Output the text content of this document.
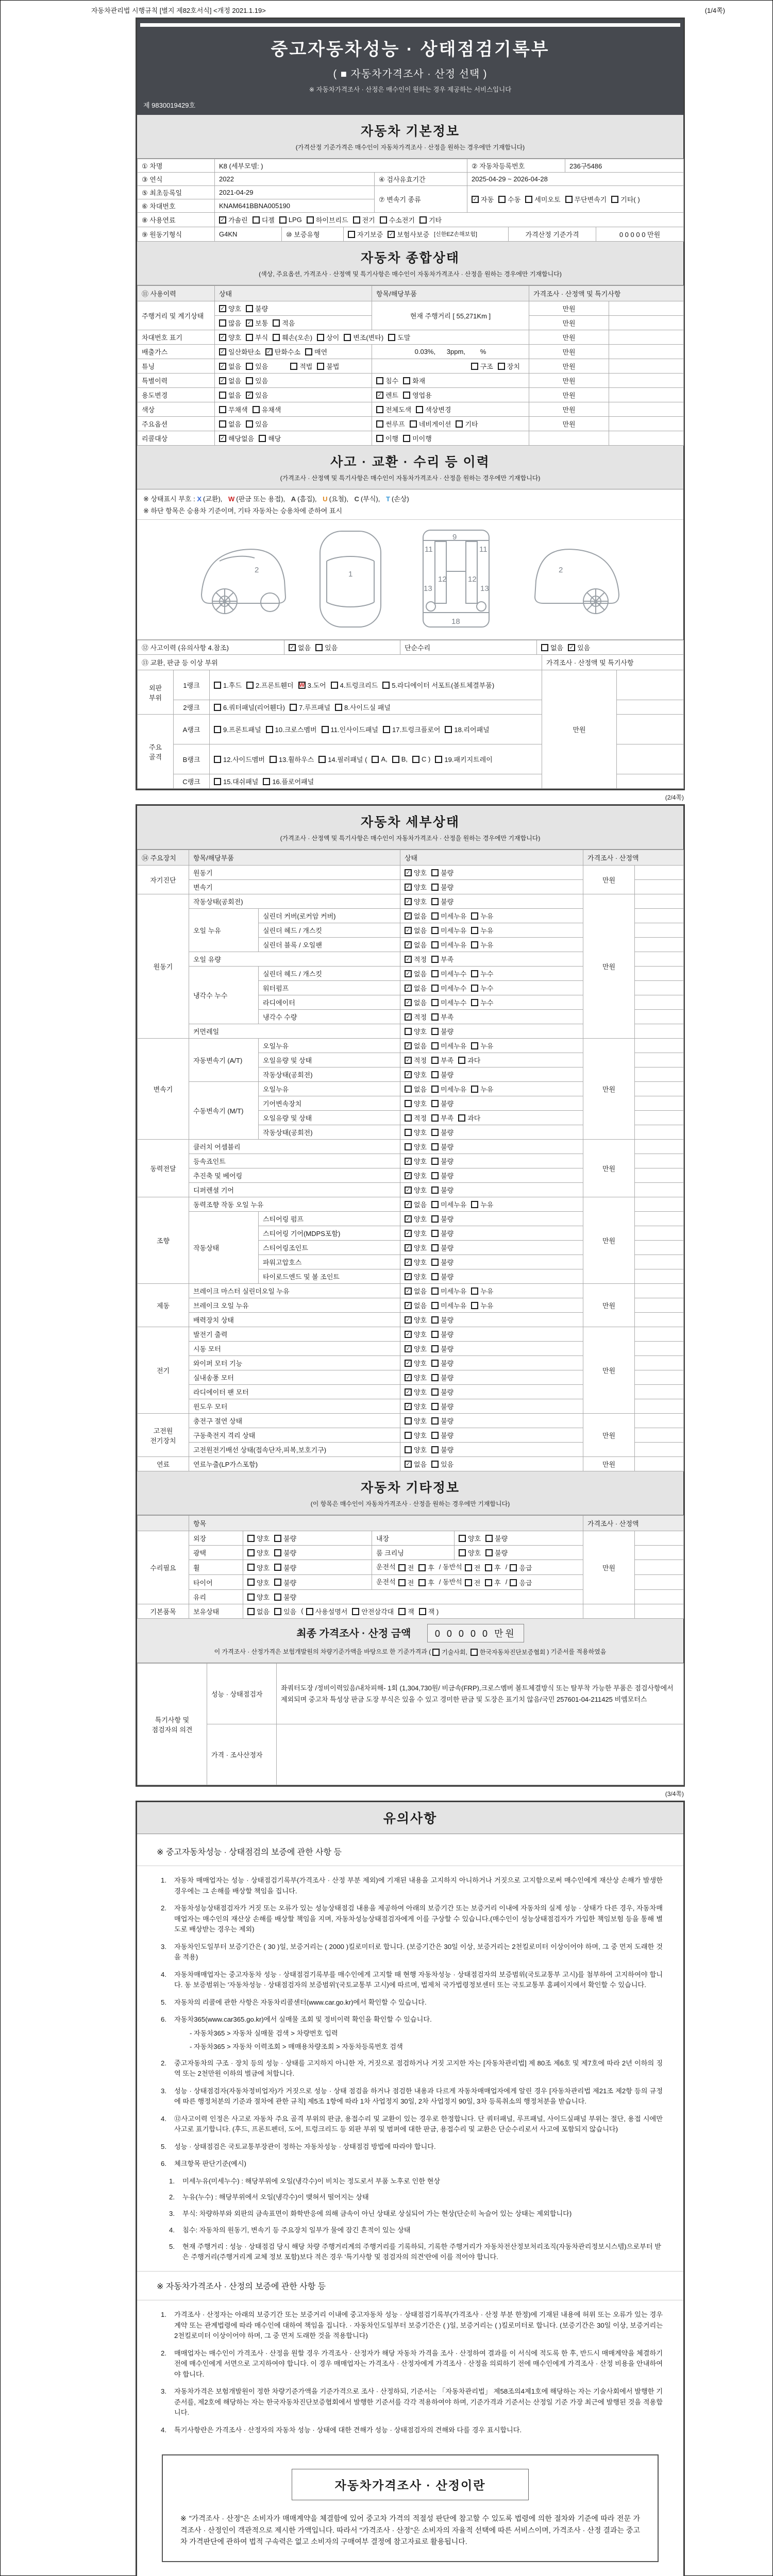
자동차관리법 시행규칙 [별지 제82호서식] <개정 2021.1.19>	(1/4쪽)
중고자동차성능 · 상태점검기록부
( ■ 자동차가격조사 · 산정 선택 )
※ 자동차가격조사 · 산정은 매수인이 원하는 경우 제공하는 서비스입니다
제 9830019429호
자동차 기본정보
(가격산정 기준가격은 매수인이 자동차가격조사 · 산정을 원하는 경우에만 기재합니다)
① 차명	K8 (세부모델: )		② 자동차등록번호	236구5486
③ 연식	2022	④ 검사유효기간	2025-04-29 ~ 2026-04-28	
⑤ 최초등록일	2021-04-29	⑦ 변속기 종류	✓ 자동 수동 세미오토 무단변속기 기타( )

⑥ 차대번호	KNAM641BBNA005190			
⑧ 사용연료	✓ 가솔린 디젤 LPG 하이브리드 전기 수소전기 기타
⑨ 원동기형식	G4KN	⑩ 보증유형	자기보증 ✓ 보험사보증 [신한EZ손해보험]	가격산정 기준가격	0 0 0 0 0 만원
자동차 종합상태
(색상, 주요옵션, 가격조사 · 산정액 및 특기사항은 매수인이 자동차가격조사 · 산정을 원하는 경우에만 기재합니다)
⑪ 사용이력	상태	항목/해당부품	가격조사 · 산정액 및 특기사항	
주행거리 및 계기상태	✓ 양호 불량	현재 주행거리 [ 55,271Km ]	만원	

	많음 ✓ 보통 적음		만원	
차대번호 표기	✓ 양호 부식 훼손(오손) 상이 변조(변타) 도말	만원	
배출가스	✓ 일산화탄소 ✓ 탄화수소 매연	0.03%,      3ppm,        %	만원	
튜닝	✓ 없음 있음 적법 불법	구조 장치	만원	
특별이력	✓ 없음 있음	침수 화재	만원	
용도변경	없음 ✓ 있음	✓ 렌트 영업용	만원	
색상	무채색 유채색	전체도색 색상변경	만원	
주요옵션	없음 있음	썬루프 네비게이션 기타	만원	
리콜대상	✓ 해당없음 해당	이행 미이행		

사고 · 교환 · 수리 등 이력
(가격조사 · 산정액 및 특기사항은 매수인이 자동차가격조사 · 산정을 원하는 경우에만 기재합니다)
※ 상태표시 부호 : X (교환), W (판금 또는 용접), A (흠집), U (요철), C (부식), T (손상)
※ 하단 항목은 승용차 기준이며, 기타 자동차는 승용차에 준하여 표시
2	1
11	11
13	13
12	12
9
18
2
⑫ 사고이력 (유의사항 4.참조)	✓ 없음 있음	단순수리	없음 ✓ 있음
⑬ 교환, 판금 등 이상 부위			가격조사 · 산정액 및 특기사항	
외판 부위	1랭크	1.후드 2.프론트휀더 W 3.도어 4.트렁크리드 5.라디에이터 서포트(볼트체결부품)
	만원	
	2랭크	6.쿼터패널(리어휀다) 7.루프패널 8.사이드실 패널		

주요 골격	A랭크	9.프론트패널 10.크로스멤버 11.인사이드패널 17.트렁크플로어 18.리어패널		

B랭크	12.사이드멤버 13.휠하우스 14.필러패널 ( A, B, C ) 19.패키지트레이

	C랭크	15.대쉬패널 16.플로어패널		

(2/4쪽)
자동차 세부상태
(가격조사 · 산정액 및 특기사항은 매수인이 자동차가격조사 · 산정을 원하는 경우에만 기재합니다)
⑭ 주요장치	항목/해당부품		상태	가격조사 · 산정액	
자기진단	원동기		✓ 양호 불량	만원	
	변속기		✓ 양호 불량		

원동기	작동상태(공회전)		✓ 양호 불량	만원	
	오일 누유	실린더 커버(로커암 커버)	✓ 없음 미세누유 누유		

		실린더 헤드 / 개스킷	✓ 없음 미세누유 누유		

		실린더 블록 / 오일팬	✓ 없음 미세누유 누유		

	오일 유량		✓ 적정 부족		

	냉각수 누수	실린더 헤드 / 개스킷	✓ 없음 미세누수 누수		

		워터펌프	✓ 없음 미세누수 누수		

		라디에이터	✓ 없음 미세누수 누수		

		냉각수 수량	✓ 적정 부족		

	커먼레일		양호 불량		

변속기	자동변속기 (A/T)	오일누유	✓ 없음 미세누유 누유	만원	
		오일유량 및 상태	✓ 적정 부족 과다		

		작동상태(공회전)	✓ 양호 불량		

	수동변속기 (M/T)	오일누유	없음 미세누유 누유		

		기어변속장치	양호 불량		

		오일유량 및 상태	적정 부족 과다		

		작동상태(공회전)	양호 불량		

동력전달	클러치 어셈블리		양호 불량	만원	
	등속죠인트		✓ 양호 불량		

	추진축 및 베어링		✓ 양호 불량		

	디퍼렌셜 기어		✓ 양호 불량		

조향	동력조향 작동 오일 누유		✓ 없음 미세누유 누유	만원	
	작동상태	스티어링 펌프	✓ 양호 불량		

		스티어링 기어(MDPS포함)	✓ 양호 불량		

		스티어링조인트	✓ 양호 불량		

		파워고압호스	✓ 양호 불량		

		타이로드엔드 및 볼 조인트	✓ 양호 불량		

제동	브레이크 마스터 실린더오일 누유		✓ 없음 미세누유 누유	만원	
	브레이크 오일 누유		✓ 없음 미세누유 누유		

	배력장치 상태		✓ 양호 불량		

전기	발전기 출력		✓ 양호 불량	만원	
	시동 모터		✓ 양호 불량		

	와이퍼 모터 기능		✓ 양호 불량		

	실내송풍 모터		✓ 양호 불량		

	라디에이터 팬 모터		✓ 양호 불량		

	윈도우 모터		✓ 양호 불량		

고전원 전기장치	충전구 절연 상태		양호 불량	만원	
	구동축전지 격리 상태		양호 불량		

	고전원전기배선 상태(접속단자,피복,보호기구)		양호 불량		

연료	연료누출(LP가스포함)		✓ 없음 있음	만원	
자동차 기타정보
(이 항목은 매수인이 자동차가격조사 · 산정을 원하는 경우에만 기재합니다)
	항목				가격조사 · 산정액	
수리필요	외장	양호 불량	내장	양호 불량	만원	
	광택	양호 불량	룸 크리닝	양호 불량		

휠	양호 불량	운전석 전 후 / 동반석 전 후 / 응급

타이어	양호 불량	운전석 전 후 / 동반석 전 후 / 응급

	유리	양호 불량				

기본품목	보유상태	없음 있음 ( 사용설명서 안전삼각대 잭 잭 )

최종 가격조사 · 산정 금액	0 0 0 0 0 만원
이 가격조사 · 산정가격은 보험개발원의 차량기준가액을 바탕으로 한 기준가격과 ( 기술사회, 한국자동차진단보증협회 ) 기준서를 적용하였음
특기사항 및 점검자의 의견	성능 · 상태점검자	좌쿼터도장 /정비이력있음/내차피해- 1회 (1,304,730원/ 비금속(FRP),크로스멤버 볼트체결방식 또는 탈부착 가능한 부품은 점검사항에서 제외되며 중고차 특성상 판금 도장 부식은 있을 수 있고 경미한 판금 및 도장은 표기치 않음/국민 257601-04-211425 비엠모터스
	가격 · 조사산정자	
(3/4쪽)
유의사항
※ 중고자동차성능 · 상태점검의 보증에 관한 사항 등
1.	자동차 매매업자는 성능 · 상태점검기록부(가격조사 · 산정 부분 제외)에 기재된 내용을 고지하지 아니하거나 거짓으로 고지함으로써 매수인에게 재산상 손해가 발생한 경우에는 그 손해를 배상할 책임을 집니다.
2.	자동차성능상태점검자가 거짓 또는 오류가 있는 성능상태점검 내용을 제공하여 아래의 보증기간 또는 보증거리 이내에 자동차의 실제 성능 · 상태가 다른 경우, 자동차매매업자는 매수인의 재산상 손해를 배상할 책임을 지며, 자동차성능상태점검자에게 이를 구상할 수 있습니다.(매수인이 성능상태점검자가 가입한 책임보험 등을 통해 별도로 배상받는 경우는 제외)
3.	자동차인도일부터 보증기간은 ( 30 )일, 보증거리는 ( 2000 )킬로미터로 합니다. (보증기간은 30일 이상, 보증거리는 2천킬로미터 이상이어야 하며, 그 중 먼저 도래한 것을 적용)
4.	자동차매매업자는 중고자동차 성능 · 상태점검기록부를 매수인에게 고지할 때 현행 자동차성능 · 상태점검자의 보증범위(국토교통부 고시)를 첨부하여 고지하여야 합니다. 동 보증범위는 '자동차성능 · 상태점검자의 보증범위'(국토교통부 고시)에 따르며, 법제처 국가법령정보센터 또는 국토교통부 홈페이지에서 확인할 수 있습니다.
5.	자동차의 리콜에 관한 사항은 자동차리콜센터(www.car.go.kr)에서 확인할 수 있습니다.
6.	자동차365(www.car365.go.kr)에서 실매물 조회 및 정비이력 확인을 확인할 수 있습니다.
- 자동차365 > 자동차 실매물 검색 > 차량번호 입력
- 자동차365 > 자동차 이력조회 > 매매용차량조회 > 자동차등록번호 검색
2.	중고자동차의 구조 · 장치 등의 성능 · 상태를 고지하지 아니한 자, 거짓으로 점검하거나 거짓 고지한 자는 [자동차관리법] 제 80조 제6호 및 제7호에 따라 2년 이하의 징역 또는 2천만원 이하의 벌금에 처합니다.
3.	성능 · 상태점검자(자동차정비업자)가 거짓으로 성능 · 상태 점검을 하거나 점검한 내용과 다르게 자동차매매업자에게 알린 경우 [자동차관리법 제21조 제2항 등의 규정에 따른 행정처분의 기준과 절차에 관한 규칙] 제5조 1항에 따라 1차 사업정지 30일, 2차 사업정지 90일, 3차 등록취소의 행정처분을 받습니다.
4.	⑫사고이력 인정은 사고로 자동차 주요 골격 부위의 판금, 용접수리 및 교환이 있는 경우로 한정합니다. 단 쿼터패널, 루프패널, 사이드실패널 부위는 절단, 용접 시에만 사고로 표기합니다. (후드, 프론트펜더, 도어, 트렁크리드 등 외판 부위 및 범퍼에 대한 판금, 용접수리 및 교환은 단순수리로서 사고에 포함되지 않습니다)
5.	성능 · 상태점검은 국토교통부장관이 정하는 자동차성능 · 상태점검 방법에 따라야 합니다.
6.	체크항목 판단기준(예시)
1.	미세누유(미세누수) : 해당부위에 오일(냉각수)이 비치는 정도로서 부품 노후로 인한 현상
2.	누유(누수) : 해당부위에서 오일(냉각수)이 맺혀서 떨어지는 상태
3.	부식: 차량하부와 외판의 금속표면이 화학반응에 의해 금속이 아닌 상태로 상실되어 가는 현상(단순히 녹슬어 있는 상태는 제외합니다)
4.	침수: 자동차의 원동기, 변속기 등 주요장치 일부가 물에 잠긴 흔적이 있는 상태
5.	현재 주행거리 : 성능 · 상태점검 당시 해당 차량 주행거리계의 주행거리를 기록하되, 기록한 주행거리가 자동차전산정보처리조직(자동차관리정보시스템)으로부터 받은 주행거리(주행거리계 교체 정보 포함)보다 적은 경우 '특기사항 및 점검자의 의견'란에 이를 적어야 합니다.
※ 자동차가격조사 · 산정의 보증에 관한 사항 등
1.	가격조사 · 산정자는 아래의 보증기간 또는 보증거리 이내에 중고자동차 성능 · 상태점검기록부(가격조사 · 산정 부분 한정)에 기재된 내용에 허위 또는 오류가 있는 경우 계약 또는 관계법령에 따라 매수인에 대하여 책임을 집니다. · 자동차인도일부터 보증기간은 ( )일, 보증거리는 ( )킬로미터로 합니다. (보증기간은 30일 이상, 보증거리는 2천킬로미터 이상이어야 하며, 그 중 먼저 도래한 것을 적용합니다)
2.	매매업자는 매수인이 가격조사 · 산정을 원할 경우 가격조사 · 산정자가 해당 자동차 가격을 조사 · 산정하여 결과를 이 서식에 적도록 한 후, 반드시 매매계약을 체결하기 전에 매수인에게 서면으로 고지하여야 합니다. 이 경우 매매업자는 가격조사 · 산정자에게 가격조사 · 산정을 의뢰하기 전에 매수인에게 가격조사 · 산정 비용을 안내하여야 합니다.
3.	자동차가격은 보험개발원이 정한 차량기준가액을 기준가격으로 조사 · 산정하되, 기준서는 「자동차관리법」 제58조의4제1호에 해당하는 자는 기술사회에서 발행한 기준서를, 제2호에 해당하는 자는 한국자동차진단보증협회에서 발행한 기준서를 각각 적용하여야 하며, 기준가격과 기준서는 산정일 기준 가장 최근에 발행된 것을 적용합니다.
4.	특기사항란은 가격조사 · 산정자의 자동차 성능 · 상태에 대한 견해가 성능 · 상태점검자의 견해와 다를 경우 표시합니다.
자동차가격조사 · 산정이란
※ "가격조사 · 산정"은 소비자가 매매계약을 체결함에 있어 중고차 가격의 적절성 판단에 참고할 수 있도록 법령에 의한 절차와 기준에 따라 전문 가격조사 · 산정인이 객관적으로 제시한 가액입니다. 따라서 "가격조사 · 산정"은 소비자의 자율적 선택에 따른 서비스이며, 가격조사 · 산정 결과는 중고차 가격판단에 관하여 법적 구속력은 없고 소비자의 구매여부 결정에 참고자료로 활용됩니다.
